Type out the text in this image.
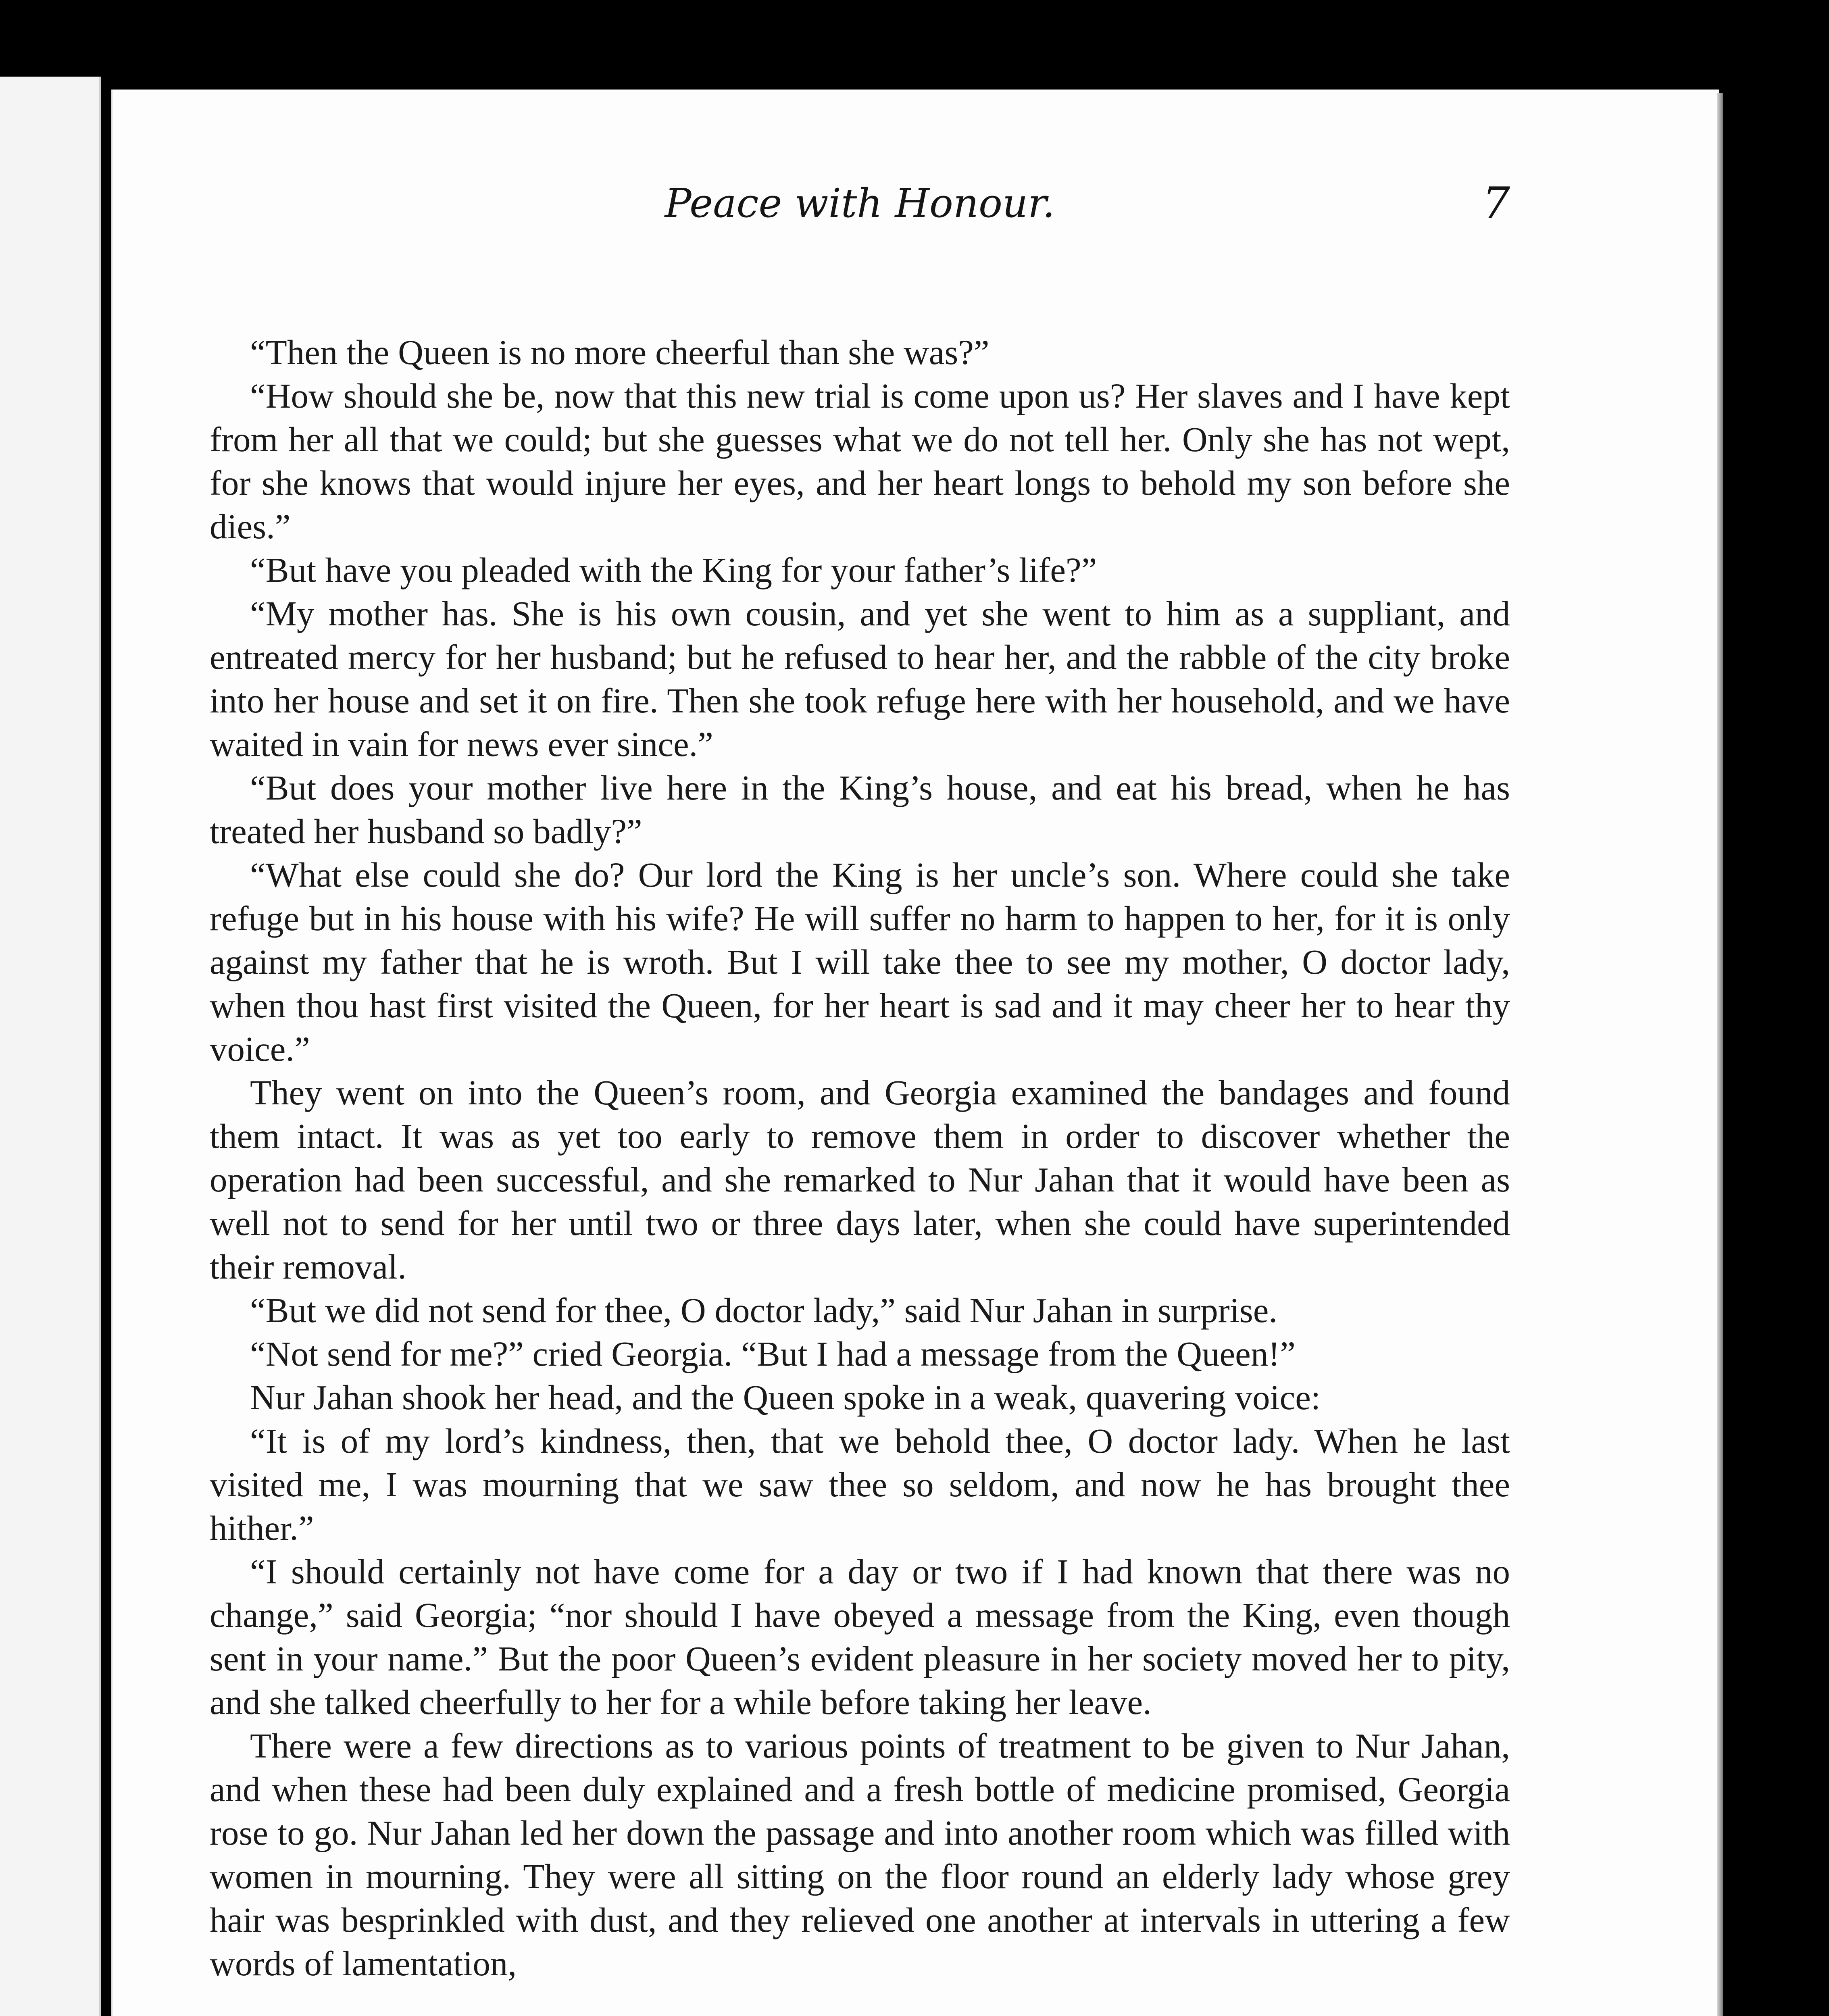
Peace with Honour.	7

“Then the Queen is no more cheerful than she was?”

“How should she be, now that this new trial is come upon us? Her slaves and I have kept from her all that we could; but she guesses what we do not tell her. Only she has not wept, for she knows that would injure her eyes, and her heart longs to behold my son before she dies.”

“But have you pleaded with the King for your father’s life?”

“My mother has. She is his own cousin, and yet she went to him as a suppliant, and entreated mercy for her husband; but he refused to hear her, and the rabble of the city broke into her house and set it on fire. Then she took refuge here with her household, and we have waited in vain for news ever since.”

“But does your mother live here in the King’s house, and eat his bread, when he has treated her husband so badly?”

“What else could she do? Our lord the King is her uncle’s son. Where could she take refuge but in his house with his wife? He will suffer no harm to happen to her, for it is only against my father that he is wroth. But I will take thee to see my mother, O doctor lady, when thou hast first visited the Queen, for her heart is sad and it may cheer her to hear thy voice.”

They went on into the Queen’s room, and Georgia examined the bandages and found them intact. It was as yet too early to remove them in order to discover whether the operation had been successful, and she remarked to Nur Jahan that it would have been as well not to send for her until two or three days later, when she could have superintended their removal.

“But we did not send for thee, O doctor lady,” said Nur Jahan in surprise.

“Not send for me?” cried Georgia. “But I had a message from the Queen!”

Nur Jahan shook her head, and the Queen spoke in a weak, quavering voice:

“It is of my lord’s kindness, then, that we behold thee, O doctor lady. When he last visited me, I was mourning that we saw thee so seldom, and now he has brought thee hither.”

“I should certainly not have come for a day or two if I had known that there was no change,” said Georgia; “nor should I have obeyed a message from the King, even though sent in your name.” But the poor Queen’s evident pleasure in her society moved her to pity, and she talked cheerfully to her for a while before taking her leave.

There were a few directions as to various points of treatment to be given to Nur Jahan, and when these had been duly explained and a fresh bottle of medicine promised, Georgia rose to go. Nur Jahan led her down the passage and into another room which was filled with women in mourning. They were all sitting on the floor round an elderly lady whose grey hair was besprinkled with dust, and they relieved one another at intervals in uttering a few words of lamentation,
